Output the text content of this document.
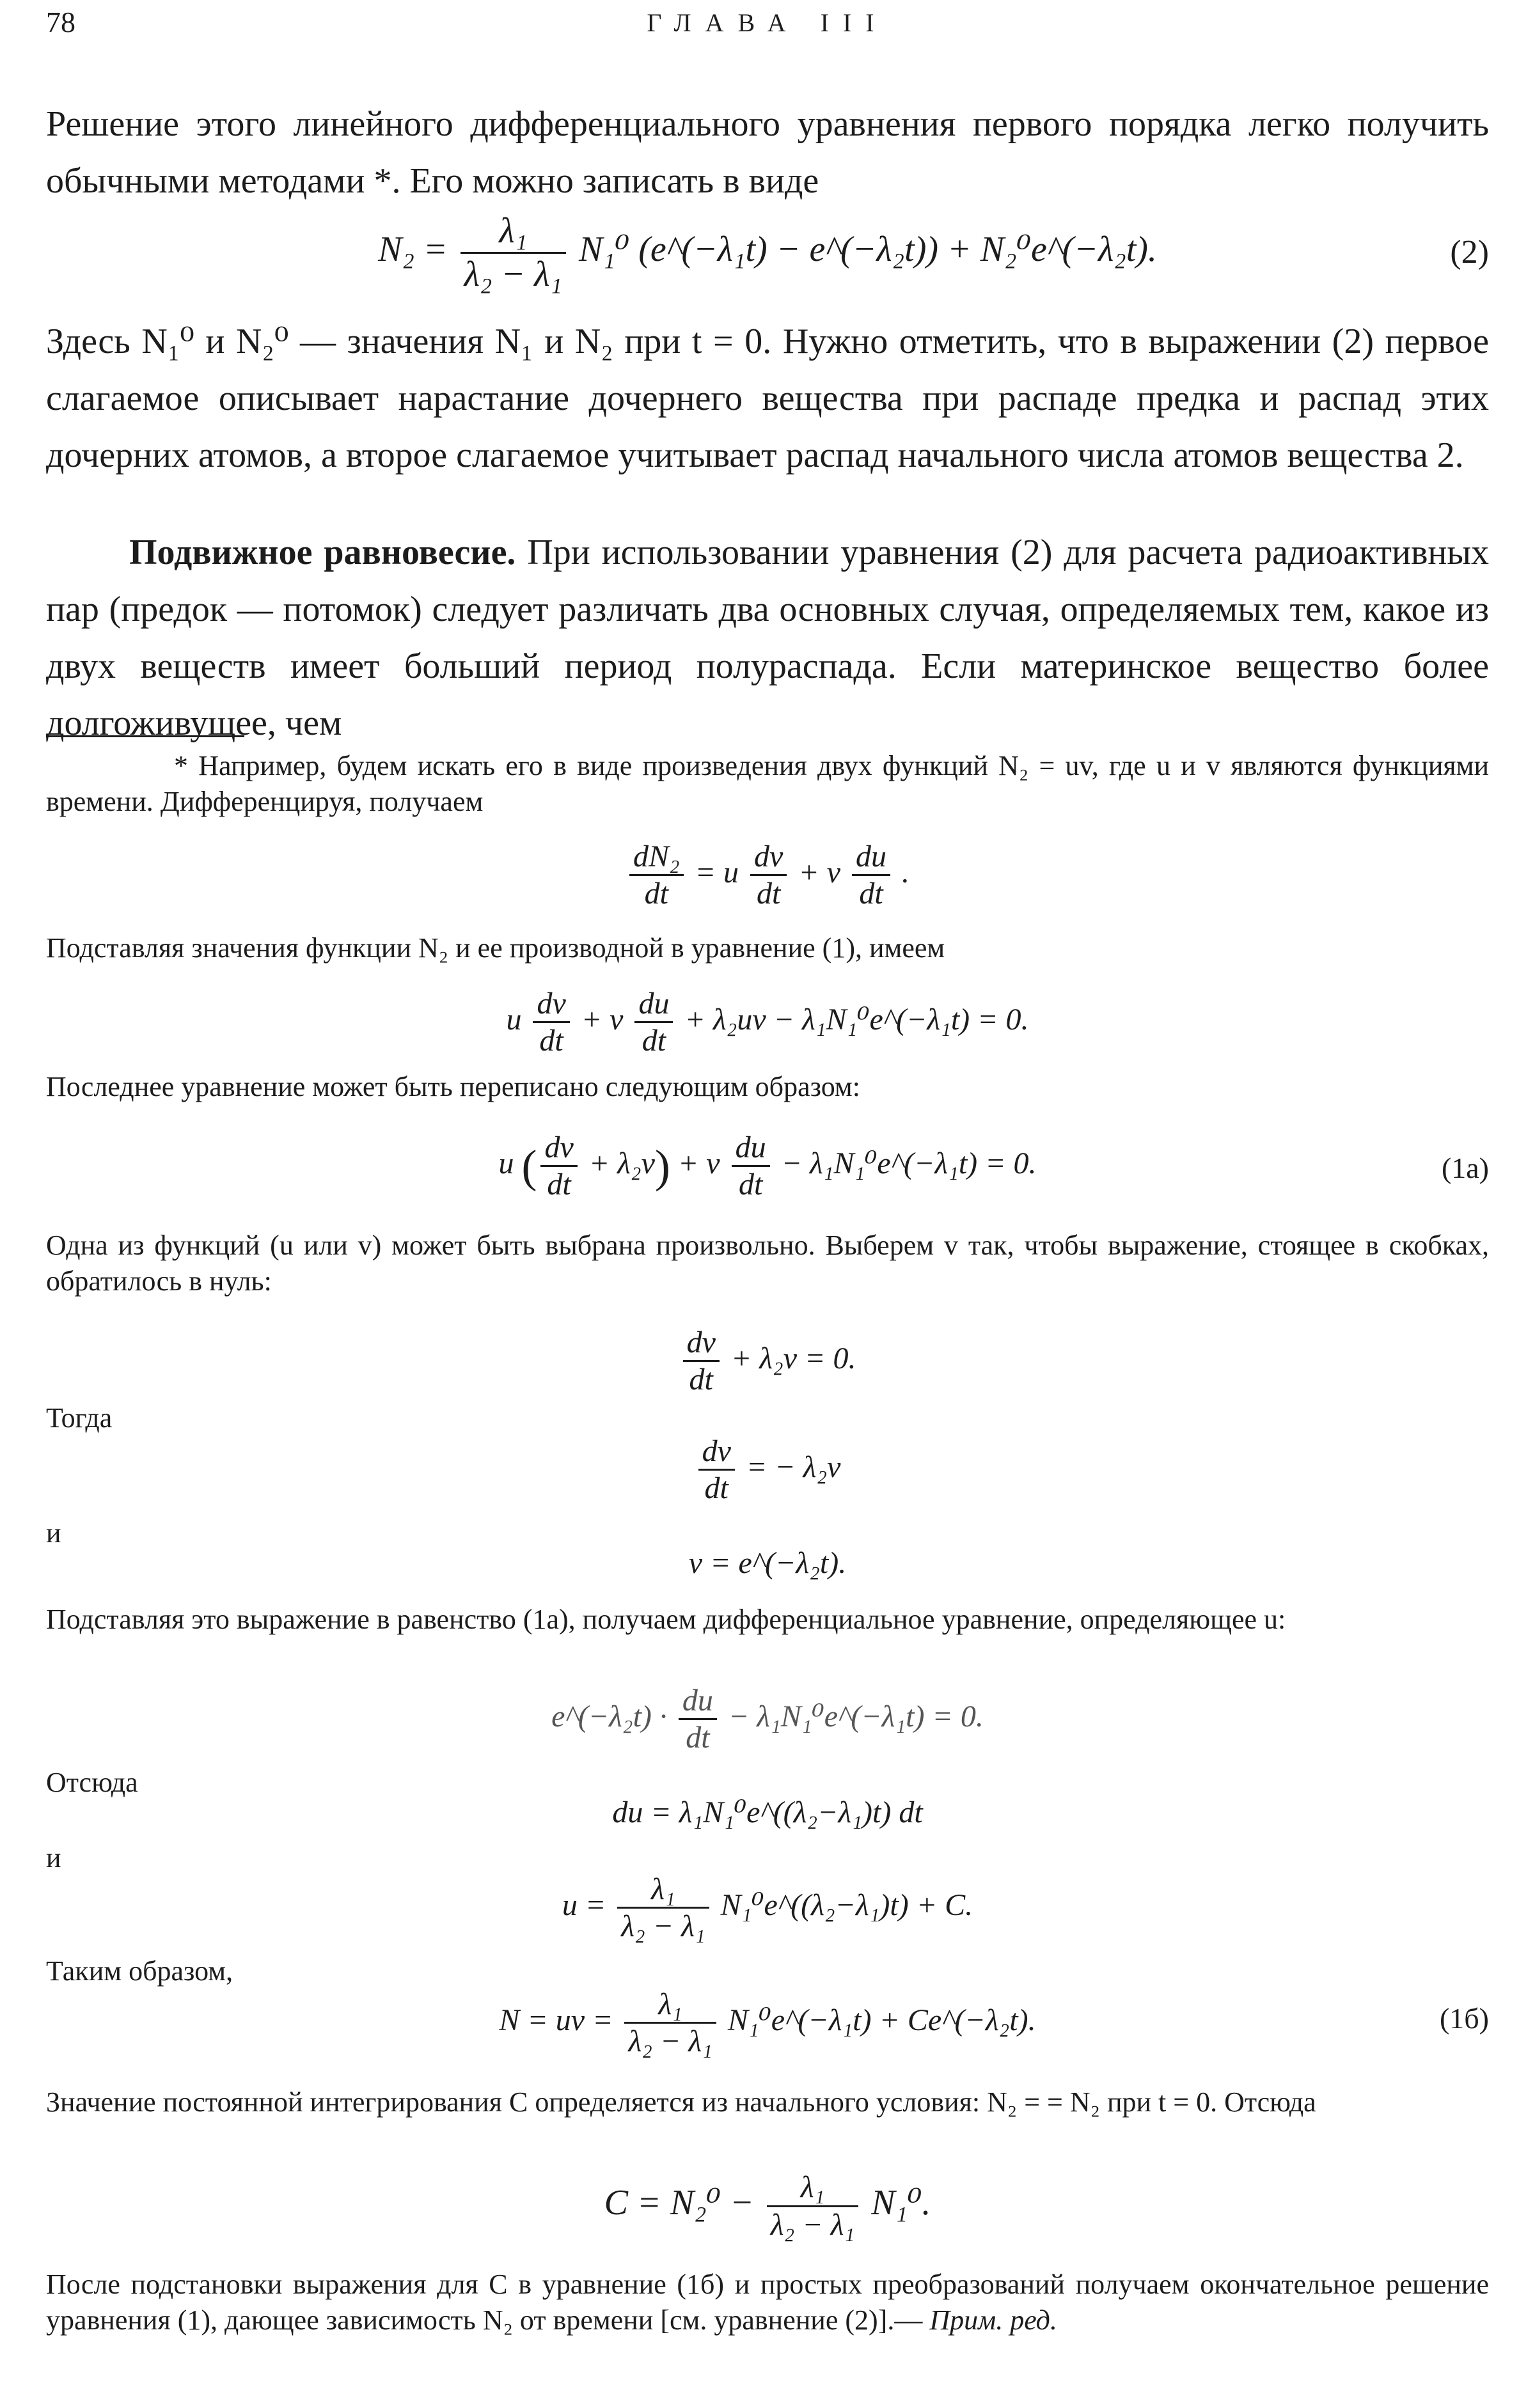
78	ГЛАВА III
Решение этого линейного дифференциального уравнения первого порядка легко получить обычными методами *. Его можно записать в виде
$N_2 = \frac{\text{λ₁}}{\text{λ₂ − λ₁}} N_1^0$ (e^(−λ₁t) − e^(−λ₂t)) + N₂⁰e^(−λ₂t).	(2)
Здесь N₁⁰ и N₂⁰ — значения N₁ и N₂ при t = 0. Нужно отметить, что в выражении (2) первое слагаемое описывает нарастание дочернего вещества при распаде предка и распад этих дочерних атомов, а второе слагаемое учитывает распад начального числа атомов вещества 2.
Подвижное равновесие. При использовании уравнения (2) для расчета радиоактивных пар (предок — потомок) следует различать два основных случая, определяемых тем, какое из двух веществ имеет больший период полураспада. Если материнское вещество более долгоживущее, чем
* Например, будем искать его в виде произведения двух функций N₂ = uv, где u и v являются функциями времени. Дифференцируя, получаем
$\frac{\text{dN₂}}{dt} = u \frac{dv}{dt} + v \frac{du}{dt}$ .
Подставляя значения функции N₂ и ее производной в уравнение (1), имеем
u $\frac{dv}{dt} + v \frac{du}{dt} + \lambda_2uv$ − λ₁N₁⁰e^(−λ₁t) = 0.
Последнее уравнение может быть переписано следующим образом:
u ( $\frac{dv}{dt} + \lambda_2v) + v \frac{du}{dt}$ − λ₁N₁⁰e^(−λ₁t) = 0.	(1a)
Одна из функций (u или v) может быть выбрана произвольно. Выберем v так, чтобы выражение, стоящее в скобках, обратилось в нуль:
$\frac{dv}{dt} + \lambda_2v = 0$.
Тогда
$\frac{dv}{dt}$ = − λ₂v
и
v = e^(−λ₂t).
Подставляя это выражение в равенство (1а), получаем дифференциальное уравнение, определяющее u:
e^(−λ₂t) · $\frac{du}{dt}$ − λ₁N₁⁰e^(−λ₁t) = 0.
Отсюда
du = λ₁N₁⁰e^((λ₂−λ₁)t) dt
и
$u = \frac{\text{λ₁}}{\text{λ₂ − λ₁}}$ N₁⁰e^((λ₂−λ₁)t) + C.
Таким образом,
N = uv = $\frac{\text{λ₁}}{\text{λ₂ − λ₁}}$ N₁⁰e^(−λ₁t) + Ce^(−λ₂t).	(1б)
Значение постоянной интегрирования C определяется из начального условия: N₂ = = N₂ при t = 0. Отсюда
$C = N_2^0 - \frac{\text{λ₁}}{\text{λ₂ − λ₁}} N_1^0$.
После подстановки выражения для C в уравнение (1б) и простых преобразований получаем окончательное решение уравнения (1), дающее зависимость N₂ от времени [см. уравнение (2)].— Прим. ред.
